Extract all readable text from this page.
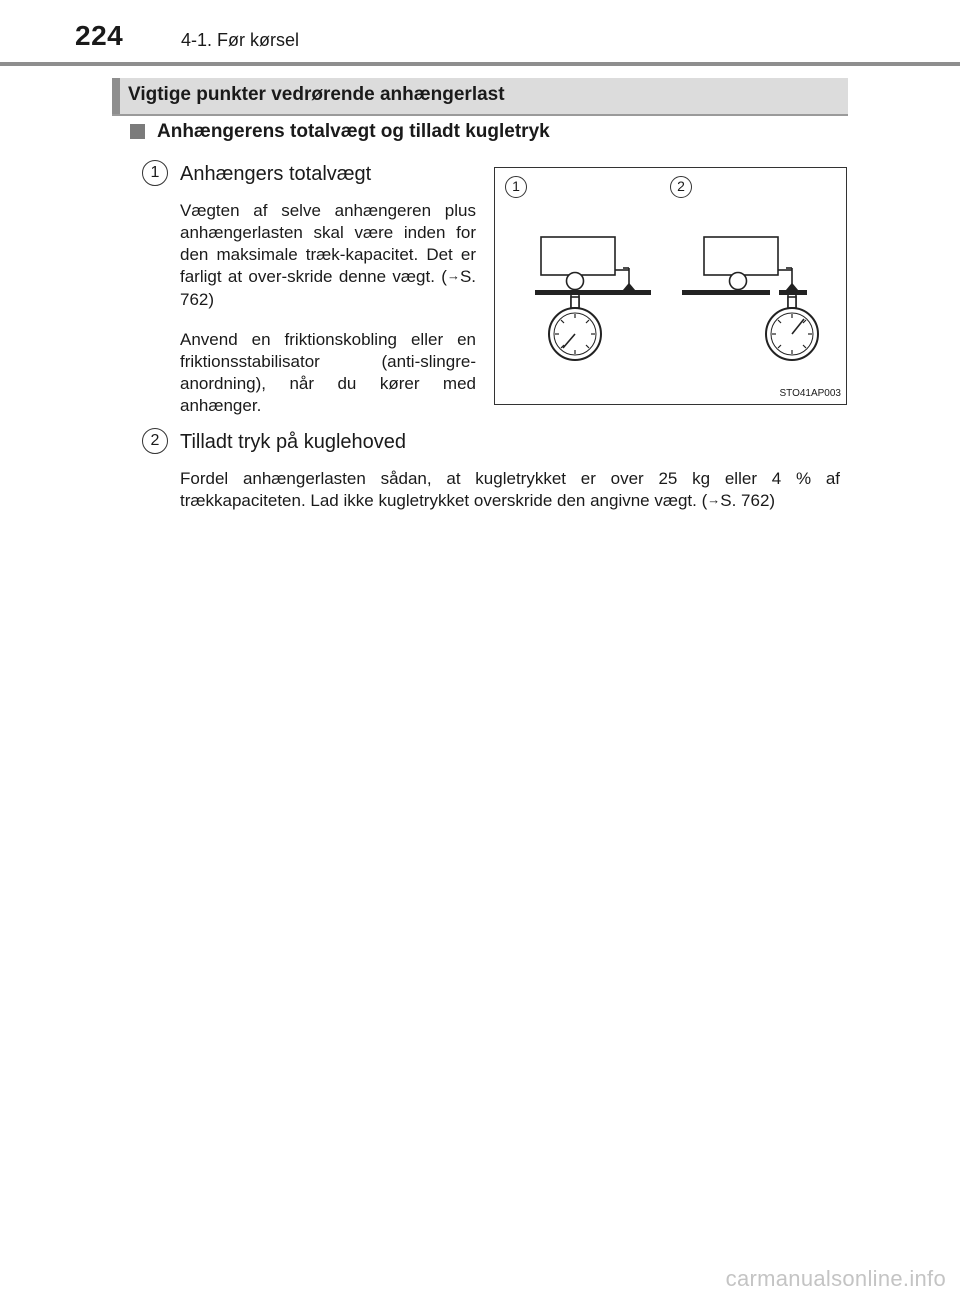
224	4-1. Før kørsel
Vigtige punkter vedrørende anhængerlast
Anhængerens totalvægt og tilladt kugletryk
1	Anhængers totalvægt

Vægten af selve anhængeren plus anhængerlasten skal være inden for den maksimale træk-kapacitet. Det er farligt at over-skride denne vægt. (→S. 762)

Anvend en friktionskobling eller en friktionsstabilisator (anti-slingre-anordning), når du kører med anhænger.

2	Tilladt tryk på kuglehoved

Fordel anhængerlasten sådan, at kugletrykket er over 25 kg eller 4 % af trækkapaciteten. Lad ikke kugletrykket overskride den angivne vægt. (→S. 762)

1	2
STO41AP003
carmanualsonline.info
